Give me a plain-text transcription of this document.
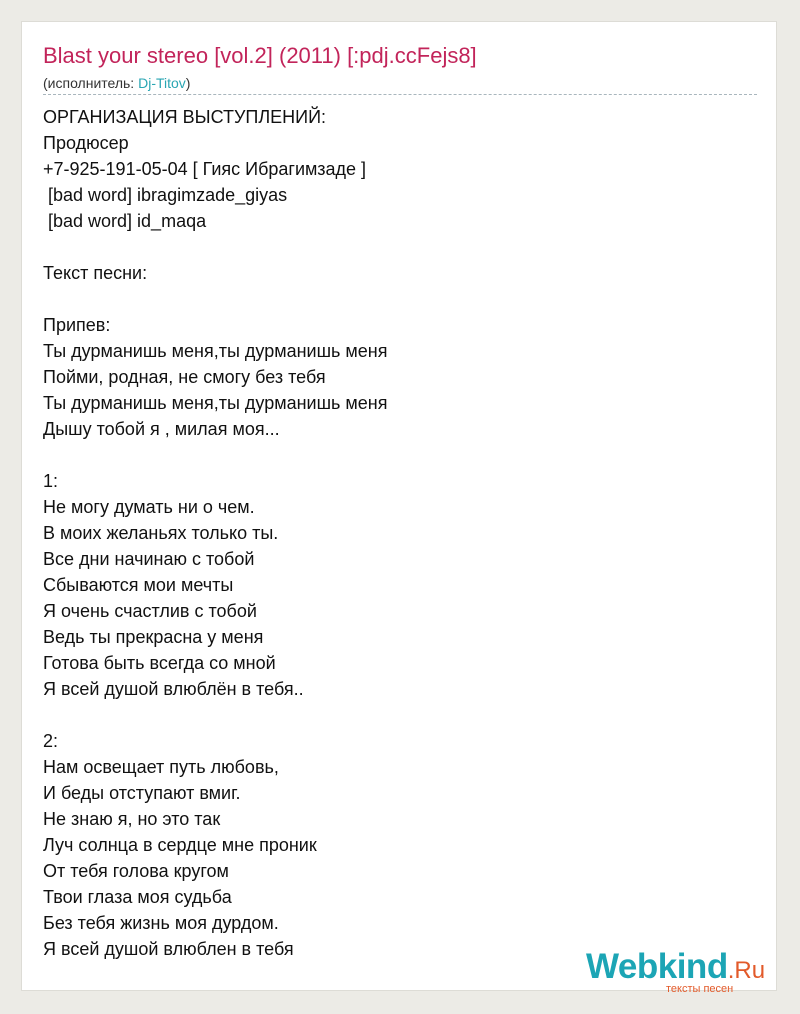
Blast your stereo [vol.2] (2011) [:pdj.ccFejs8]
(исполнитель: Dj-Titov)
ОРГАНИЗАЦИЯ ВЫСТУПЛЕНИЙ:
Продюсер
+7-925-191-05-04 [ Гияс Ибрагимзаде ]
[bad word] ibragimzade_giyas
[bad word] id_maqa

Текст песни:

Припев:
Ты дурманишь меня,ты дурманишь меня
Пойми, родная, не смогу без тебя
Ты дурманишь меня,ты дурманишь меня
Дышу тобой я , милая моя...

1:
Не могу думать ни о чем.
В моих желаньях только ты.
Все дни начинаю с тобой
Сбываются мои мечты
Я очень счастлив с тобой
Ведь ты прекрасна у меня
Готова быть всегда со мной
Я всей душой влюблён в тебя..

2:
Нам освещает путь любовь,
И беды отступают вмиг.
Не знаю я, но это так
Луч солнца в сердце мне проник
От тебя голова кругом
Твои глаза моя судьба
Без тебя жизнь моя дурдом.
Я всей душой влюблен в тебя	Webkind.Ru
тексты песен
